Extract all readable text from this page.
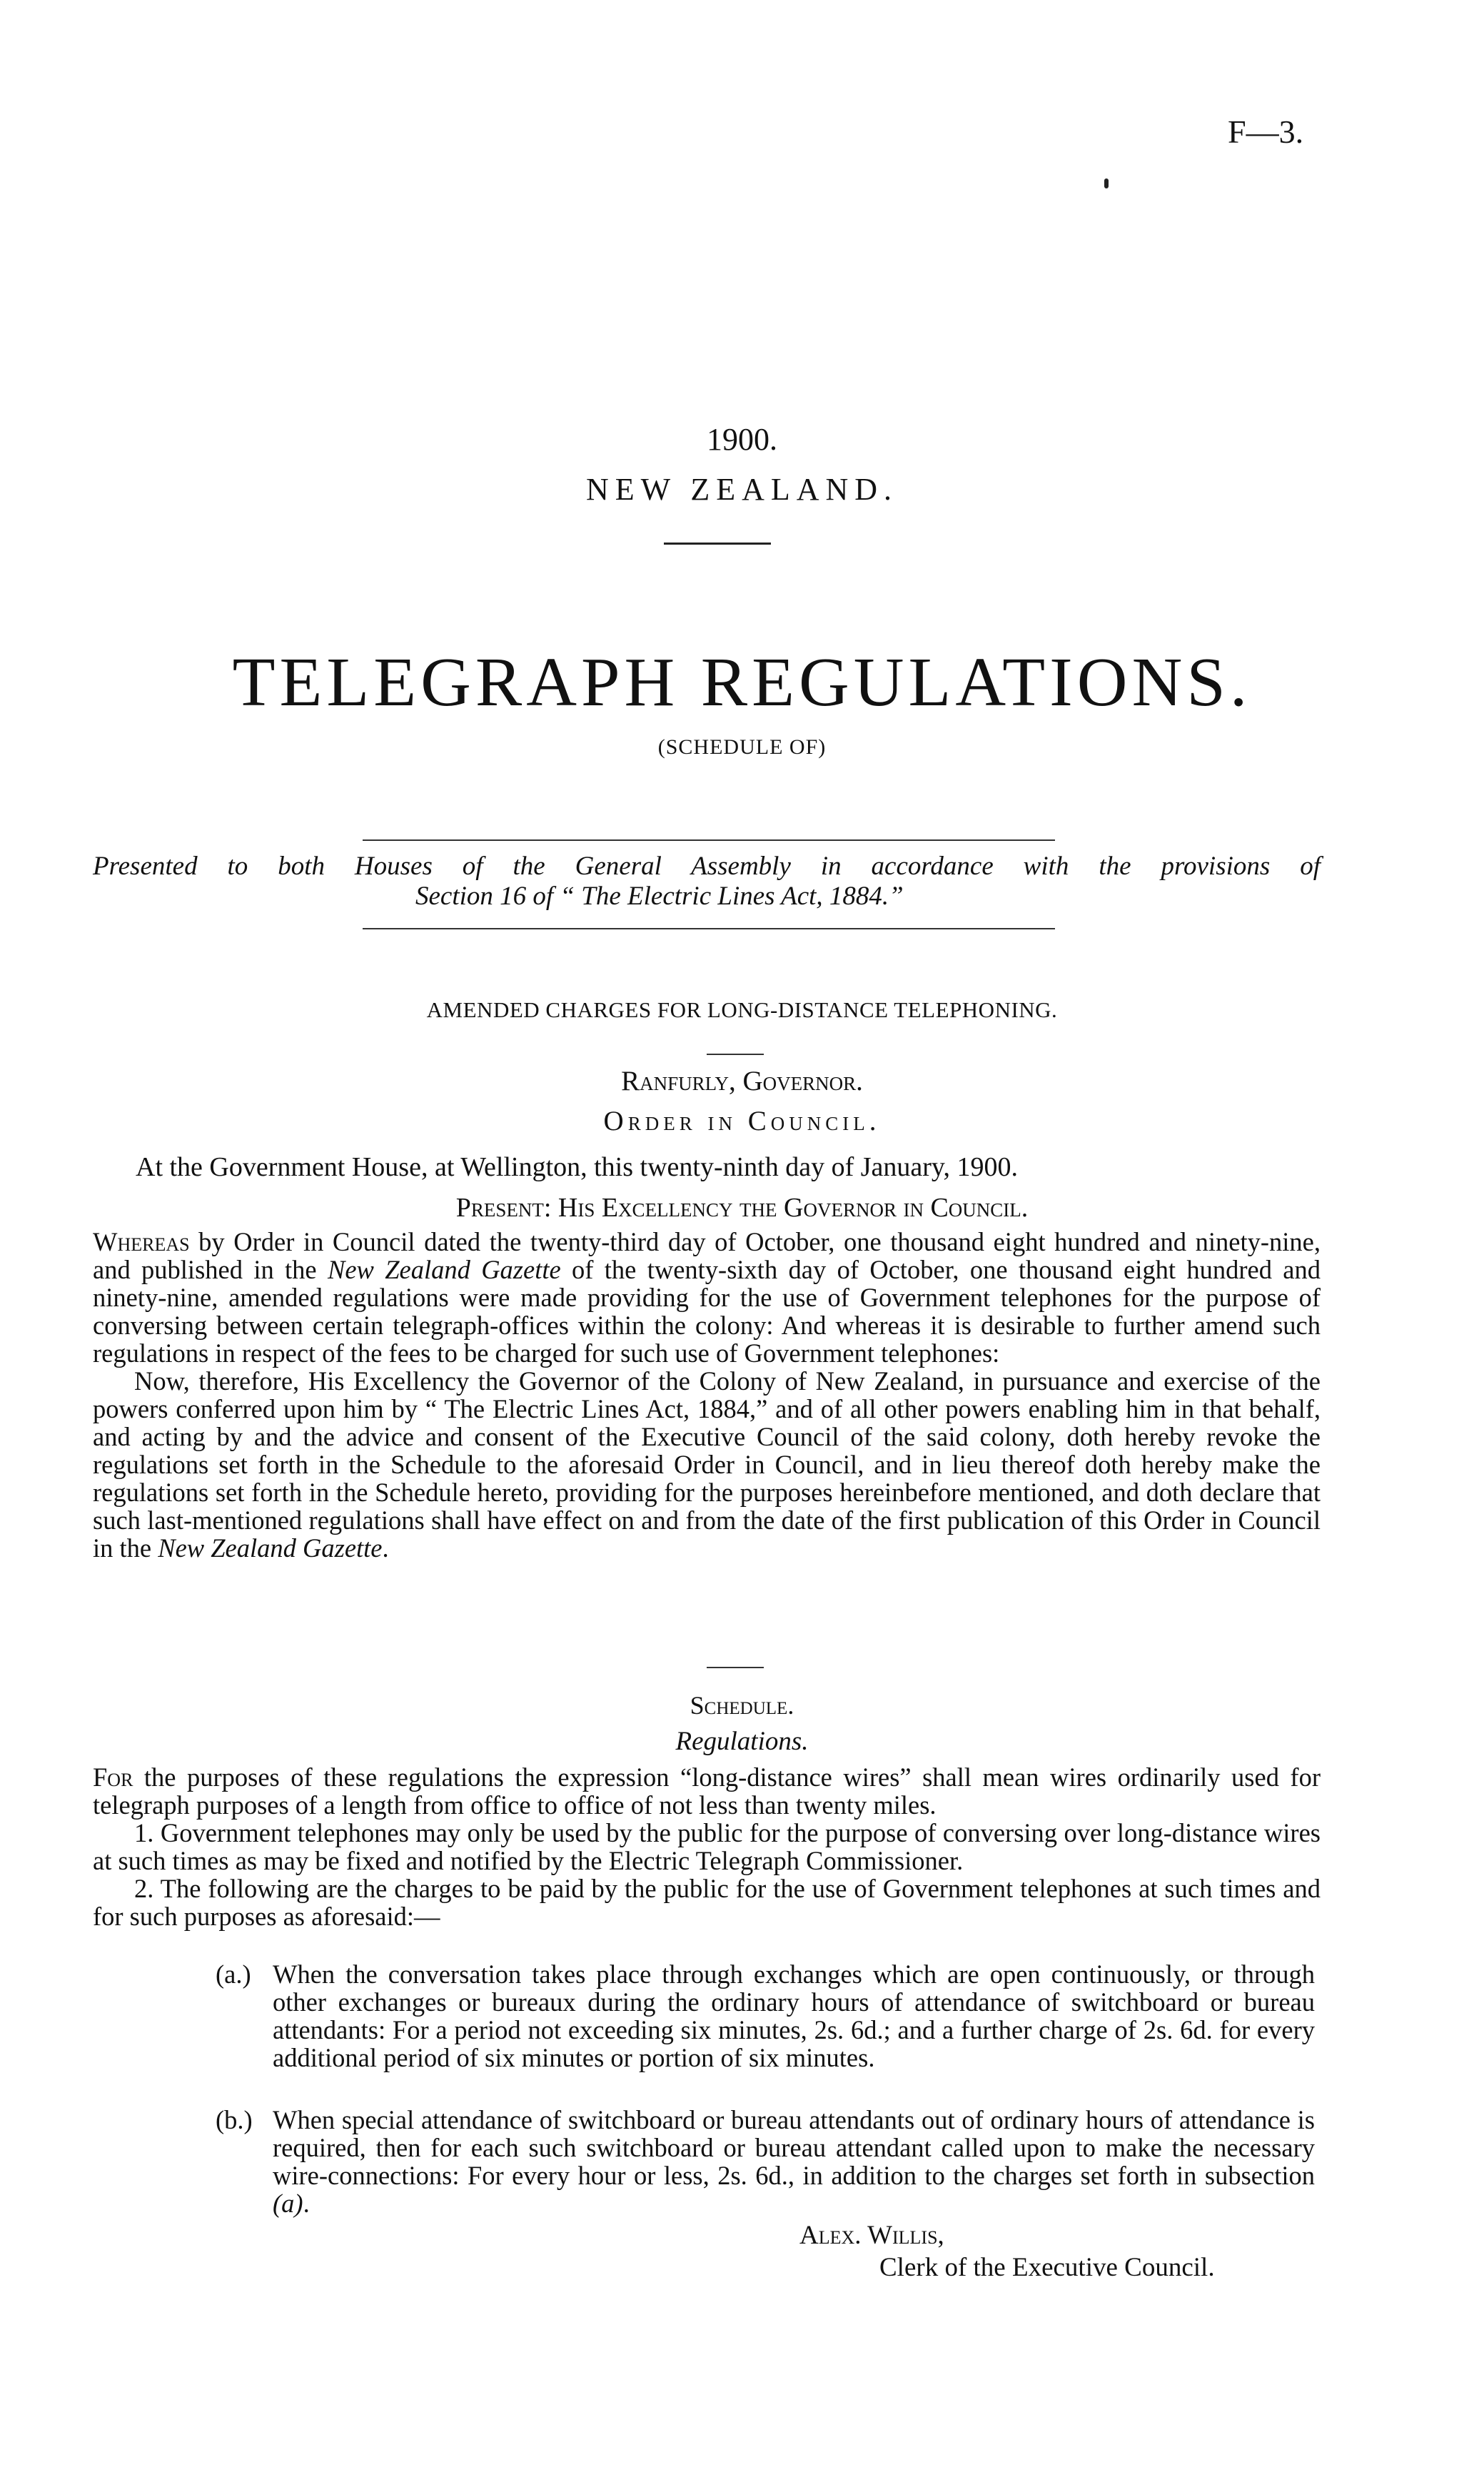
F—3.
1900.
NEW ZEALAND.
TELEGRAPH REGULATIONS.
(SCHEDULE OF)
Presented to both Houses of the General Assembly in accordance with the provisions of
Section 16 of “ The Electric Lines Act, 1884.”
AMENDED CHARGES FOR LONG-DISTANCE TELEPHONING.
Ranfurly, Governor.
Order in Council.
At the Government House, at Wellington, this twenty-ninth day of January, 1900.
Present: His Excellency the Governor in Council.

Whereas by Order in Council dated the twenty-third day of October, one thousand eight hundred and ninety-nine, and published in the New Zealand Gazette of the twenty-sixth day of October, one thousand eight hundred and ninety-nine, amended regulations were made providing for the use of Government telephones for the purpose of conversing between certain telegraph-offices within the colony: And whereas it is desirable to further amend such regulations in respect of the fees to be charged for such use of Government telephones:

Now, therefore, His Excellency the Governor of the Colony of New Zealand, in pursuance and exercise of the powers conferred upon him by “ The Electric Lines Act, 1884,” and of all other powers enabling him in that behalf, and acting by and the advice and consent of the Executive Council of the said colony, doth hereby revoke the regulations set forth in the Schedule to the aforesaid Order in Council, and in lieu thereof doth hereby make the regulations set forth in the Schedule hereto, providing for the purposes hereinbefore mentioned, and doth declare that such last-mentioned regulations shall have effect on and from the date of the first publication of this Order in Council in the New Zealand Gazette.

Schedule.
Regulations.

For the purposes of these regulations the expression “long-distance wires” shall mean wires ordinarily used for telegraph purposes of a length from office to office of not less than twenty miles.

1. Government telephones may only be used by the public for the purpose of conversing over long-distance wires at such times as may be fixed and notified by the Electric Telegraph Commissioner.

2. The following are the charges to be paid by the public for the use of Government telephones at such times and for such purposes as aforesaid:—

(a.) When the conversation takes place through exchanges which are open continuously, or through other exchanges or bureaux during the ordinary hours of attendance of switchboard or bureau attendants: For a period not exceeding six minutes, 2s. 6d.; and a further charge of 2s. 6d. for every additional period of six minutes or portion of six minutes.
(b.) When special attendance of switchboard or bureau attendants out of ordinary hours of attendance is required, then for each such switchboard or bureau attendant called upon to make the necessary wire-connections: For every hour or less, 2s. 6d., in addition to the charges set forth in subsection (a).
Alex. Willis,
Clerk of the Executive Council.
